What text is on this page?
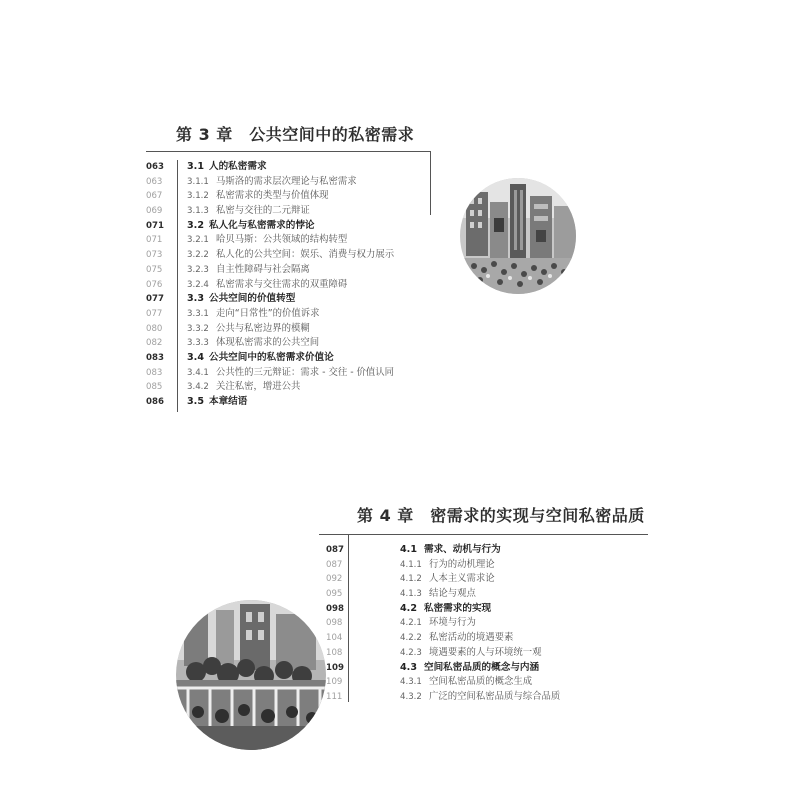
第 3 章　公共空间中的私密需求
063 3.1 人的私密需求
063	3.1.1 马斯洛的需求层次理论与私密需求
067	3.1.2 私密需求的类型与价值体现
069	3.1.3 私密与交往的二元辩证
071 3.2 私人化与私密需求的悖论
071	3.2.1 哈贝马斯：公共领域的结构转型
073	3.2.2 私人化的公共空间：娱乐、消费与权力展示
075	3.2.3 自主性障碍与社会隔离
076	3.2.4 私密需求与交往需求的双重障碍
077 3.3 公共空间的价值转型
077	3.3.1 走向“日常性”的价值诉求
080	3.3.2 公共与私密边界的模糊
082	3.3.3 体现私密需求的公共空间
083 3.4 公共空间中的私密需求价值论
083	3.4.1 公共性的三元辩证：需求 - 交往 - 价值认同
085	3.4.2 关注私密，增进公共
086 3.5 本章结语
第 4 章　密需求的实现与空间私密品质
087	4.1 需求、动机与行为
087	4.1.1 行为的动机理论
092	4.1.2 人本主义需求论
095	4.1.3 结论与观点
098	4.2 私密需求的实现
098	4.2.1 环境与行为
104	4.2.2 私密活动的境遇要素
108	4.2.3 境遇要素的人与环境统一观
109	4.3 空间私密品质的概念与内涵
109	4.3.1 空间私密品质的概念生成
111	4.3.2 广泛的空间私密品质与综合品质
